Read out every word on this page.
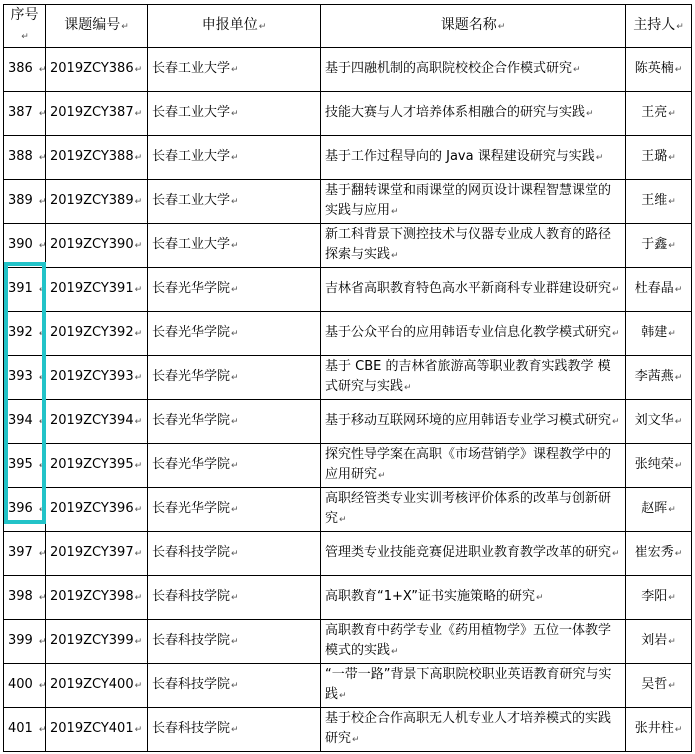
序号↵	课题编号↵	申报单位↵	课题名称↵	主持人↵
386 ↵	2019ZCY386↵	长春工业大学↵	基于四融机制的高职院校校企合作模式研究↵	陈英楠↵
387 ↵	2019ZCY387↵	长春工业大学↵	技能大赛与人才培养体系相融合的研究与实践↵	王亮↵
388 ↵	2019ZCY388↵	长春工业大学↵	基于工作过程导向的 Java 课程建设研究与实践↵	王璐↵
389 ↵	2019ZCY389↵	长春工业大学↵	基于翻转课堂和雨课堂的网页设计课程智慧课堂的实践与应用↵	王维↵
390 ↵	2019ZCY390↵	长春工业大学↵	新工科背景下测控技术与仪器专业成人教育的路径探索与实践↵	于鑫↵
391 ↵	2019ZCY391↵	长春光华学院↵	吉林省高职教育特色高水平新商科专业群建设研究↵	杜春晶↵
392 ↵	2019ZCY392↵	长春光华学院↵	基于公众平台的应用韩语专业信息化教学模式研究↵	韩建↵
393 ↵	2019ZCY393↵	长春光华学院↵	基于 CBE 的吉林省旅游高等职业教育实践教学 模式研究与实践↵	李茜燕↵
394 ↵	2019ZCY394↵	长春光华学院↵	基于移动互联网环境的应用韩语专业学习模式研究↵	刘文华↵
395 ↵	2019ZCY395↵	长春光华学院↵	探究性导学案在高职《市场营销学》课程教学中的应用研究↵	张纯荣↵
396 ↵	2019ZCY396↵	长春光华学院↵	高职经管类专业实训考核评价体系的改革与创新研究↵	赵晖↵
397 ↵	2019ZCY397↵	长春科技学院↵	管理类专业技能竞赛促进职业教育教学改革的研究↵	崔宏秀↵
398 ↵	2019ZCY398↵	长春科技学院↵	高职教育“1+X”证书实施策略的研究↵	李阳↵
399 ↵	2019ZCY399↵	长春科技学院↵	高职教育中药学专业《药用植物学》五位一体教学模式的实践↵	刘岩↵
400 ↵	2019ZCY400↵	长春科技学院↵	“一带一路”背景下高职院校职业英语教育研究与实践↵	吴哲↵
401 ↵	2019ZCY401↵	长春科技学院↵	基于校企合作高职无人机专业人才培养模式的实践研究↵	张井柱↵
